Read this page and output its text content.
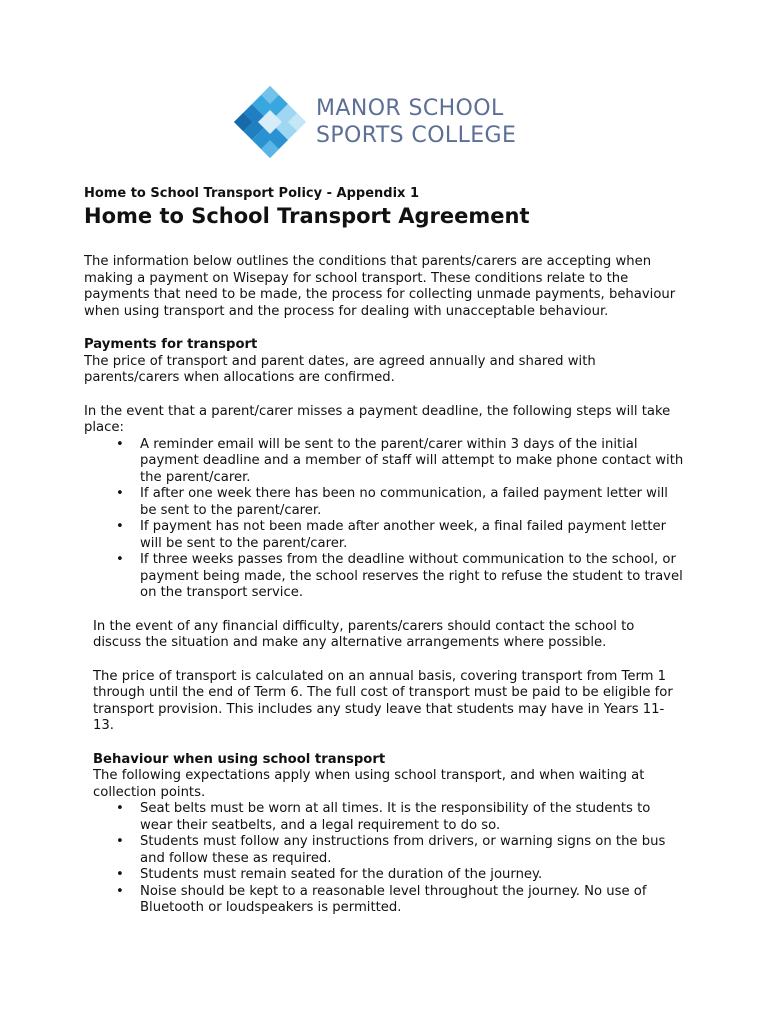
MANOR SCHOOL
SPORTS COLLEGE

Home to School Transport Policy - Appendix 1

Home to School Transport Agreement

The information below outlines the conditions that parents/carers are accepting when making a payment on Wisepay for school transport. These conditions relate to the payments that need to be made, the process for collecting unmade payments, behaviour when using transport and the process for dealing with unacceptable behaviour.

Payments for transport

The price of transport and parent dates, are agreed annually and shared with parents/carers when allocations are confirmed.

In the event that a parent/carer misses a payment deadline, the following steps will take place:

• A reminder email will be sent to the parent/carer within 3 days of the initial payment deadline and a member of staff will attempt to make phone contact with the parent/carer.
• If after one week there has been no communication, a failed payment letter will be sent to the parent/carer.
• If payment has not been made after another week, a final failed payment letter will be sent to the parent/carer.
• If three weeks passes from the deadline without communication to the school, or payment being made, the school reserves the right to refuse the student to travel on the transport service.

In the event of any financial difficulty, parents/carers should contact the school to discuss the situation and make any alternative arrangements where possible.

The price of transport is calculated on an annual basis, covering transport from Term 1 through until the end of Term 6. The full cost of transport must be paid to be eligible for transport provision. This includes any study leave that students may have in Years 11-13.

Behaviour when using school transport

The following expectations apply when using school transport, and when waiting at collection points.

• Seat belts must be worn at all times. It is the responsibility of the students to wear their seatbelts, and a legal requirement to do so.
• Students must follow any instructions from drivers, or warning signs on the bus and follow these as required.
• Students must remain seated for the duration of the journey.
• Noise should be kept to a reasonable level throughout the journey. No use of Bluetooth or loudspeakers is permitted.
